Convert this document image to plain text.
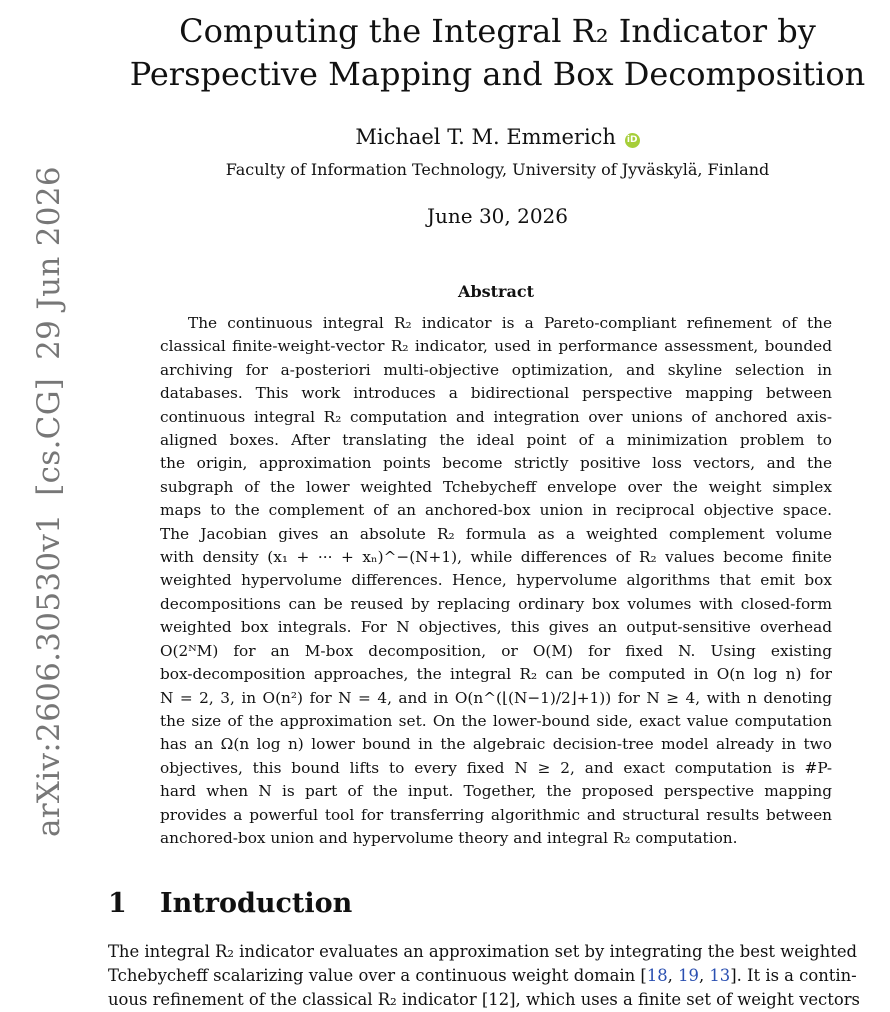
arXiv:2606.30530v1[cs.CG]29 Jun 2026
Computing the Integral R₂ Indicator by
Perspective Mapping and Box Decomposition
Michael T. M. Emmerich iD
Faculty of Information Technology, University of Jyväskylä, Finland
June 30, 2026
Abstract

The continuous integral R₂ indicator is a Pareto-compliant refinement of the
classical finite-weight-vector R₂ indicator, used in performance assessment, bounded
archiving for a-posteriori multi-objective optimization, and skyline selection in
databases. This work introduces a bidirectional perspective mapping between
continuous integral R₂ computation and integration over unions of anchored axis-
aligned boxes. After translating the ideal point of a minimization problem to
the origin, approximation points become strictly positive loss vectors, and the
subgraph of the lower weighted Tchebycheff envelope over the weight simplex
maps to the complement of an anchored-box union in reciprocal objective space.
The Jacobian gives an absolute R₂ formula as a weighted complement volume
with density (x₁ + ··· + xₙ)^−(N+1), while differences of R₂ values become finite
weighted hypervolume differences. Hence, hypervolume algorithms that emit box
decompositions can be reused by replacing ordinary box volumes with closed-form
weighted box integrals. For N objectives, this gives an output-sensitive overhead
O(2ᴺM) for an M-box decomposition, or O(M) for fixed N. Using existing
box-decomposition approaches, the integral R₂ can be computed in O(n log n) for
N = 2, 3, in O(n²) for N = 4, and in O(n^(⌊(N−1)/2⌋+1)) for N ≥ 4, with n denoting
the size of the approximation set. On the lower-bound side, exact value computation
has an Ω(n log n) lower bound in the algebraic decision-tree model already in two
objectives, this bound lifts to every fixed N ≥ 2, and exact computation is #P-
hard when N is part of the input. Together, the proposed perspective mapping
provides a powerful tool for transferring algorithmic and structural results between
anchored-box union and hypervolume theory and integral R₂ computation.

1 Introduction

The integral R₂ indicator evaluates an approximation set by integrating the best weighted
Tchebycheff scalarizing value over a continuous weight domain [18, 19, 13]. It is a contin-
uous refinement of the classical R₂ indicator [12], which uses a finite set of weight vectors
